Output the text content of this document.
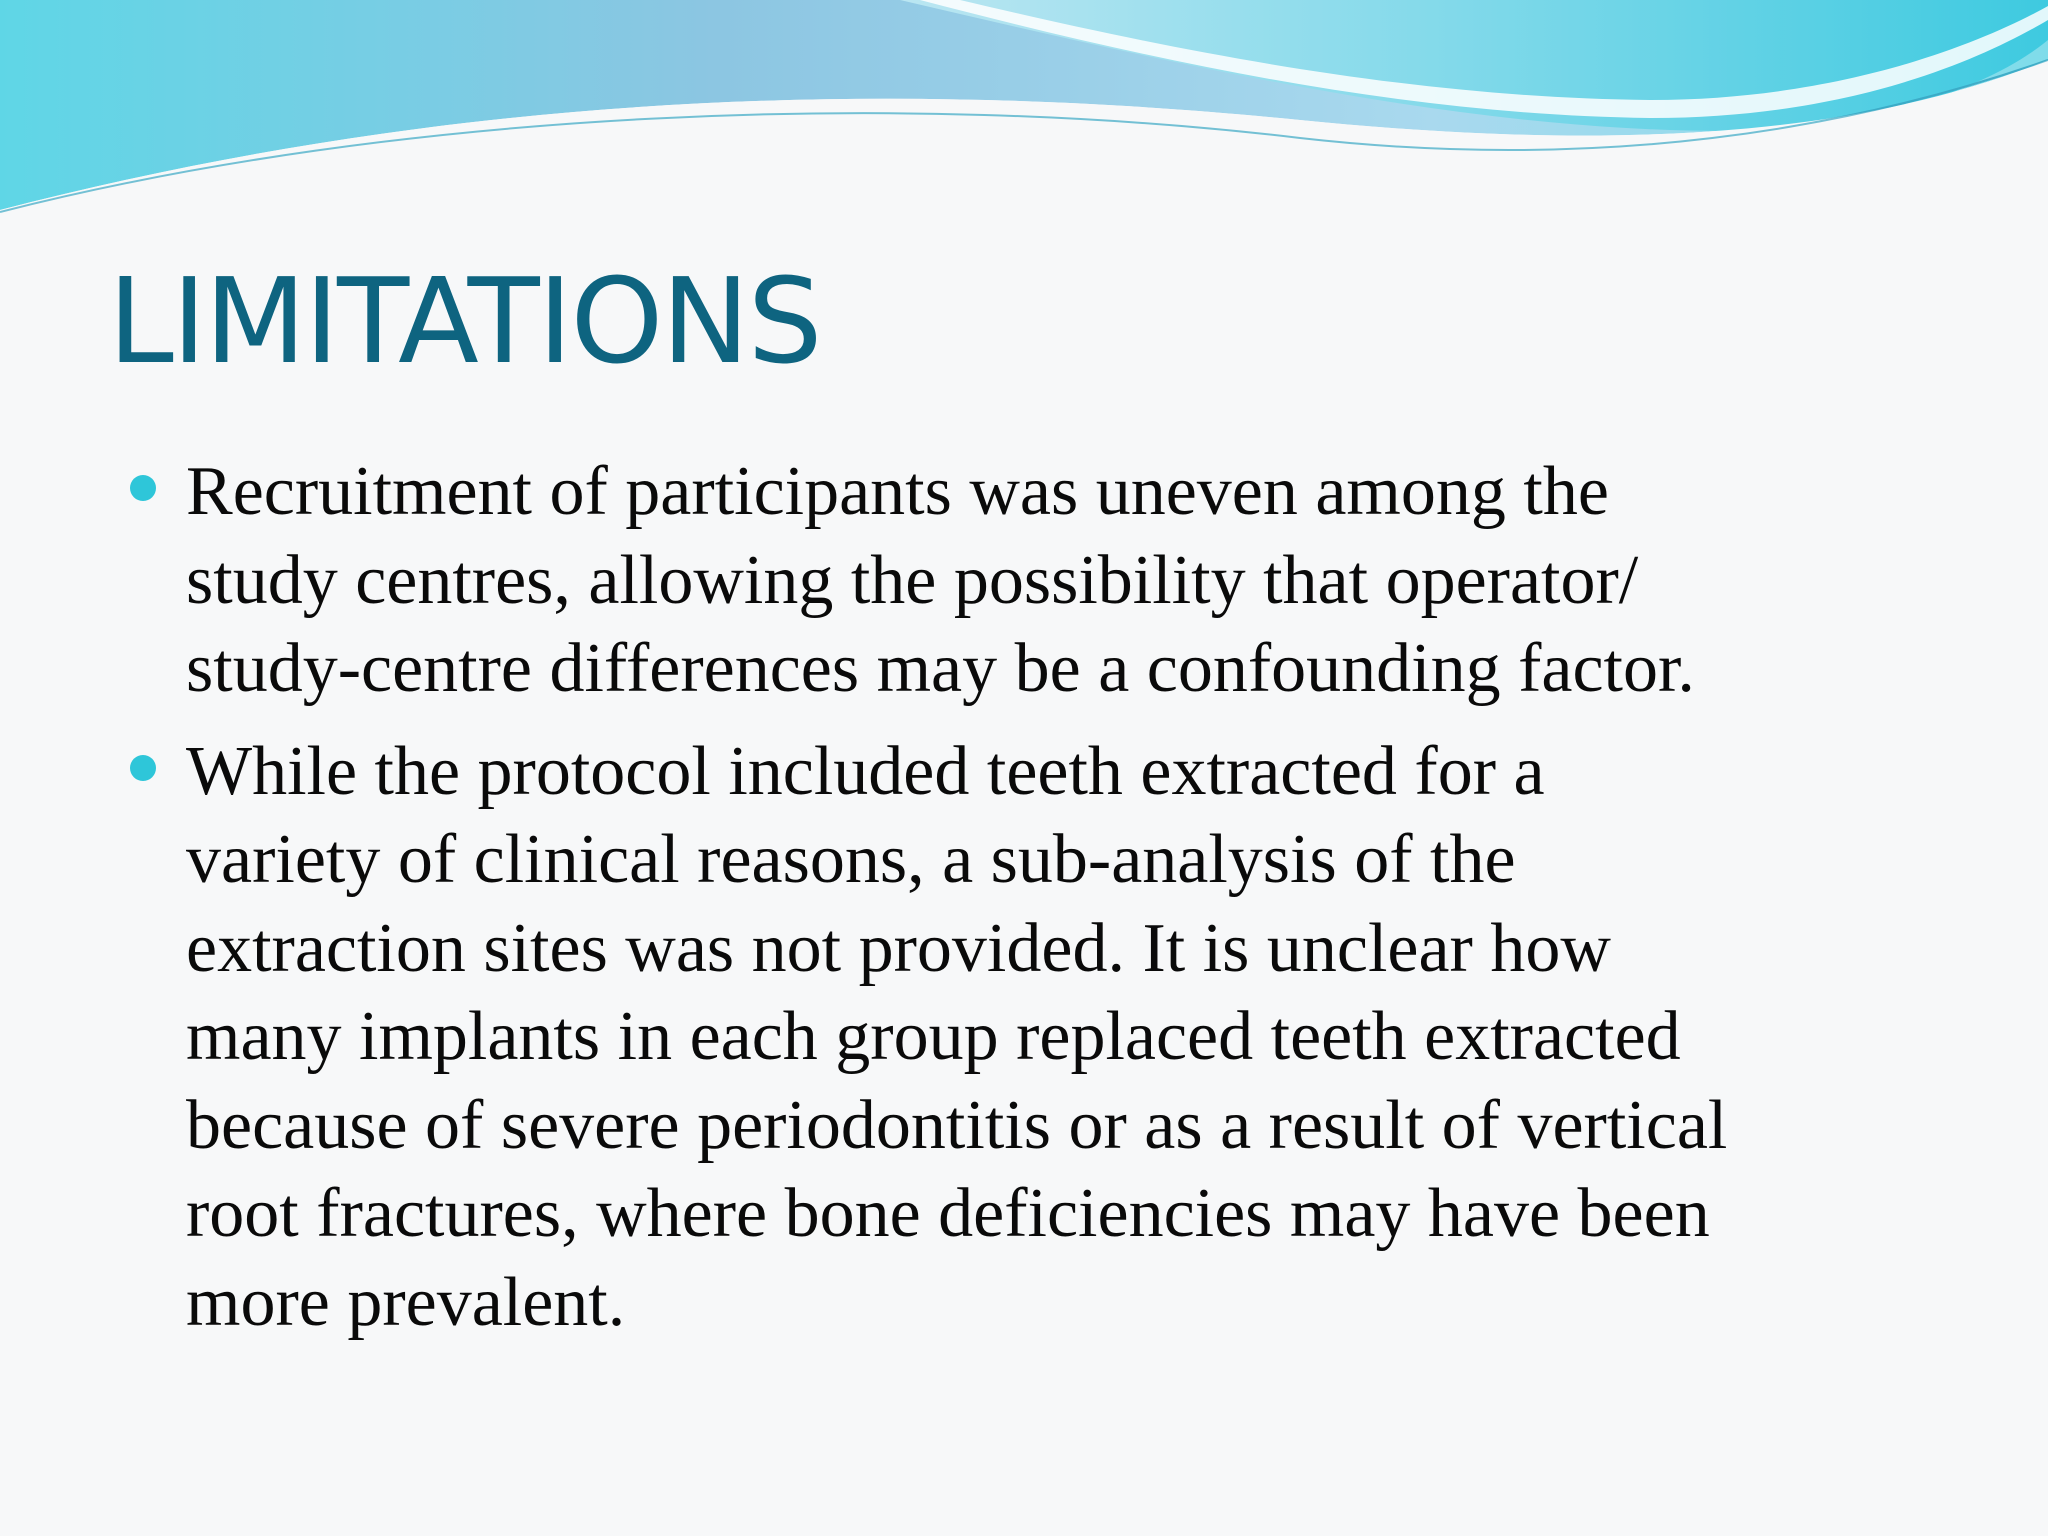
LIMITATIONS
Recruitment of participants was uneven among the
study centres, allowing the possibility that operator/
study-centre differences may be a confounding factor.
While the protocol included teeth extracted for a
variety of clinical reasons, a sub-analysis of the
extraction sites was not provided. It is unclear how
many implants in each group replaced teeth extracted
because of severe periodontitis or as a result of vertical
root fractures, where bone deficiencies may have been
more prevalent.
